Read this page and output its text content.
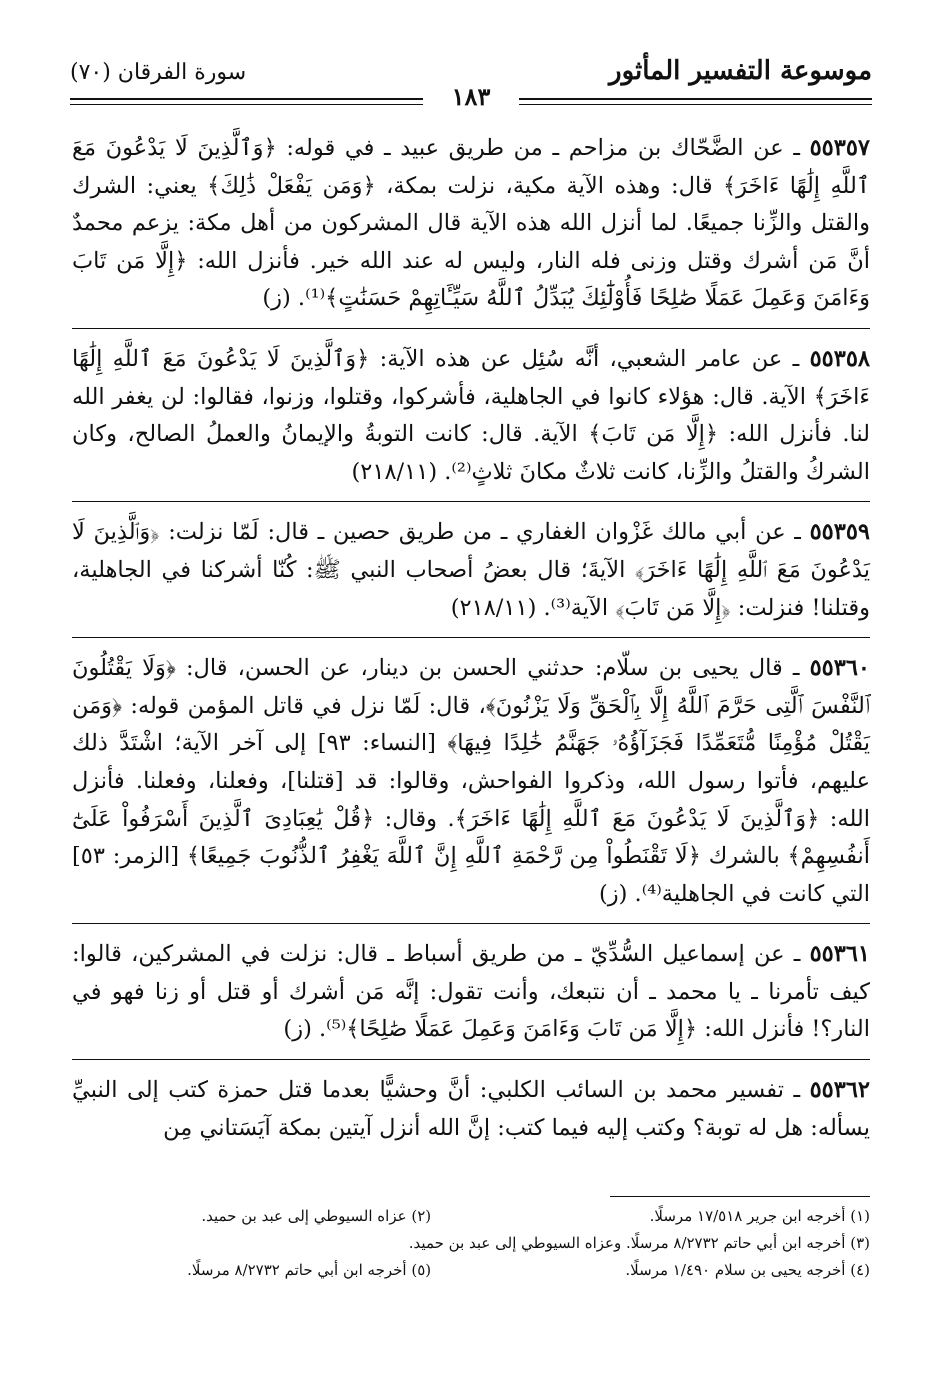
موسوعة التفسير المأثور
سورة الفرقان (٧٠)
١٨٣
٥٥٣٥٧ ـ عن الضَّحّاك بن مزاحم ـ من طريق عبيد ـ في قوله: ﴿وَٱلَّذِينَ لَا يَدْعُونَ مَعَ ٱللَّهِ إِلَٰهًا ءَاخَرَ﴾ قال: وهذه الآية مكية، نزلت بمكة، ﴿وَمَن يَفْعَلْ ذَٰلِكَ﴾ يعني: الشرك والقتل والزِّنا جميعًا. لما أنزل الله هذه الآية قال المشركون من أهل مكة: يزعم محمدٌ أنَّ مَن أشرك وقتل وزنى فله النار، وليس له عند الله خير. فأنزل الله: ﴿إِلَّا مَن تَابَ وَءَامَنَ وَعَمِلَ عَمَلًا صَٰلِحًا فَأُوْلَٰٓئِكَ يُبَدِّلُ ٱللَّهُ سَيِّـَٔاتِهِمْ حَسَنَٰتٍ﴾⁽¹⁾. (ز)
٥٥٣٥٨ ـ عن عامر الشعبي، أنَّه سُئِل عن هذه الآية: ﴿وَٱلَّذِينَ لَا يَدْعُونَ مَعَ ٱللَّهِ إِلَٰهًا ءَاخَرَ﴾ الآية. قال: هؤلاء كانوا في الجاهلية، فأشركوا، وقتلوا، وزنوا، فقالوا: لن يغفر الله لنا. فأنزل الله: ﴿إِلَّا مَن تَابَ﴾ الآية. قال: كانت التوبةُ والإيمانُ والعملُ الصالح، وكان الشركُ والقتلُ والزِّنا، كانت ثلاثٌ مكانَ ثلاثٍ⁽²⁾. (٢١٨/١١)
٥٥٣٥٩ ـ عن أبي مالك غَزْوان الغفاري ـ من طريق حصين ـ قال: لَمّا نزلت: ﴿وَٱلَّذِينَ لَا يَدْعُونَ مَعَ ٱللَّهِ إِلَٰهًا ءَاخَرَ﴾ الآيةَ؛ قال بعضُ أصحاب النبي ﷺ: كُنّا أشركنا في الجاهلية، وقتلنا! فنزلت: ﴿إِلَّا مَن تَابَ﴾ الآية⁽³⁾. (٢١٨/١١)
٥٥٣٦٠ ـ قال يحيى بن سلّام: حدثني الحسن بن دينار، عن الحسن، قال: ﴿وَلَا يَقْتُلُونَ ٱلنَّفْسَ ٱلَّتِى حَرَّمَ ٱللَّهُ إِلَّا بِٱلْحَقِّ وَلَا يَزْنُونَ﴾، قال: لَمّا نزل في قاتل المؤمن قوله: ﴿وَمَن يَقْتُلْ مُؤْمِنًا مُّتَعَمِّدًا فَجَزَآؤُهُۥ جَهَنَّمُ خَٰلِدًا فِيهَا﴾ [النساء: ٩٣] إلى آخر الآية؛ اشْتَدَّ ذلك عليهم، فأتوا رسول الله، وذكروا الفواحش، وقالوا: قد [قتلنا]، وفعلنا، وفعلنا. فأنزل الله: ﴿وَٱلَّذِينَ لَا يَدْعُونَ مَعَ ٱللَّهِ إِلَٰهًا ءَاخَرَ﴾. وقال: ﴿قُلْ يَٰعِبَادِىَ ٱلَّذِينَ أَسْرَفُواْ عَلَىٰٓ أَنفُسِهِمْ﴾ بالشرك ﴿لَا تَقْنَطُواْ مِن رَّحْمَةِ ٱللَّهِ إِنَّ ٱللَّهَ يَغْفِرُ ٱلذُّنُوبَ جَمِيعًا﴾ [الزمر: ٥٣] التي كانت في الجاهلية⁽⁴⁾. (ز)
٥٥٣٦١ ـ عن إسماعيل السُّدِّيّ ـ من طريق أسباط ـ قال: نزلت في المشركين، قالوا: كيف تأمرنا ـ يا محمد ـ أن نتبعك، وأنت تقول: إنَّه مَن أشرك أو قتل أو زنا فهو في النار؟! فأنزل الله: ﴿إِلَّا مَن تَابَ وَءَامَنَ وَعَمِلَ عَمَلًا صَٰلِحًا﴾⁽⁵⁾. (ز)
٥٥٣٦٢ ـ تفسير محمد بن السائب الكلبي: أنَّ وحشيًّا بعدما قتل حمزة كتب إلى النبيِّ يسأله: هل له توبة؟ وكتب إليه فيما كتب: إنَّ الله أنزل آيتين بمكة آيَسَتاني مِن
(١) أخرجه ابن جرير ١٧/٥١٨ مرسلًا.
(٢) عزاه السيوطي إلى عبد بن حميد.
(٣) أخرجه ابن أبي حاتم ٨/٢٧٣٢ مرسلًا. وعزاه السيوطي إلى عبد بن حميد.
(٤) أخرجه يحيى بن سلام ١/٤٩٠ مرسلًا.
(٥) أخرجه ابن أبي حاتم ٨/٢٧٣٢ مرسلًا.
